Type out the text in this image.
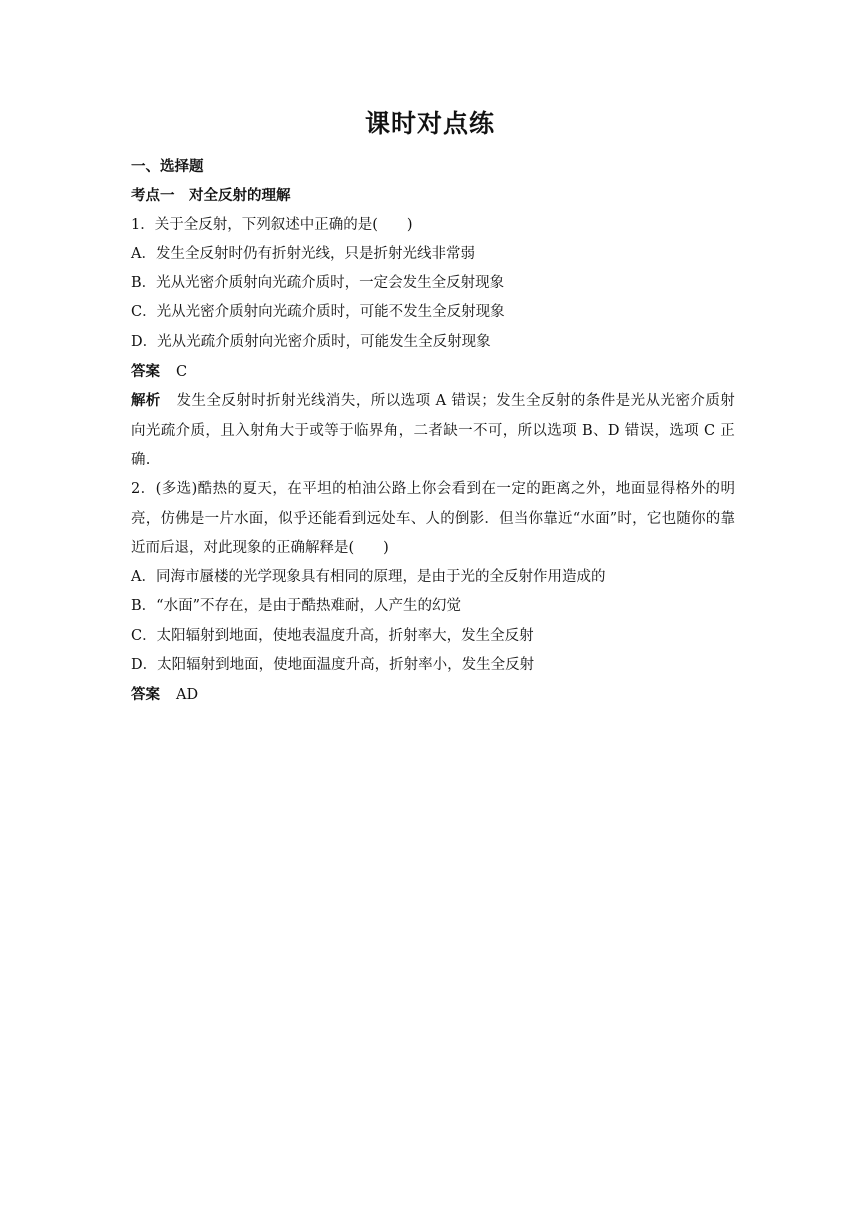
课时对点练
一、选择题
考点一　对全反射的理解
1．关于全反射，下列叙述中正确的是(　　)
A．发生全反射时仍有折射光线，只是折射光线非常弱
B．光从光密介质射向光疏介质时，一定会发生全反射现象
C．光从光密介质射向光疏介质时，可能不发生全反射现象
D．光从光疏介质射向光密介质时，可能发生全反射现象
答案 C
解析 发生全反射时折射光线消失，所以选项 A 错误；发生全反射的条件是光从光密介质射向光疏介质，且入射角大于或等于临界角，二者缺一不可，所以选项 B、D 错误，选项 C 正确.
2．(多选)酷热的夏天，在平坦的柏油公路上你会看到在一定的距离之外，地面显得格外的明亮，仿佛是一片水面，似乎还能看到远处车、人的倒影．但当你靠近“水面”时，它也随你的靠近而后退，对此现象的正确解释是(　　)
A．同海市蜃楼的光学现象具有相同的原理，是由于光的全反射作用造成的
B．“水面”不存在，是由于酷热难耐，人产生的幻觉
C．太阳辐射到地面，使地表温度升高，折射率大，发生全反射
D．太阳辐射到地面，使地面温度升高，折射率小，发生全反射
答案 AD
